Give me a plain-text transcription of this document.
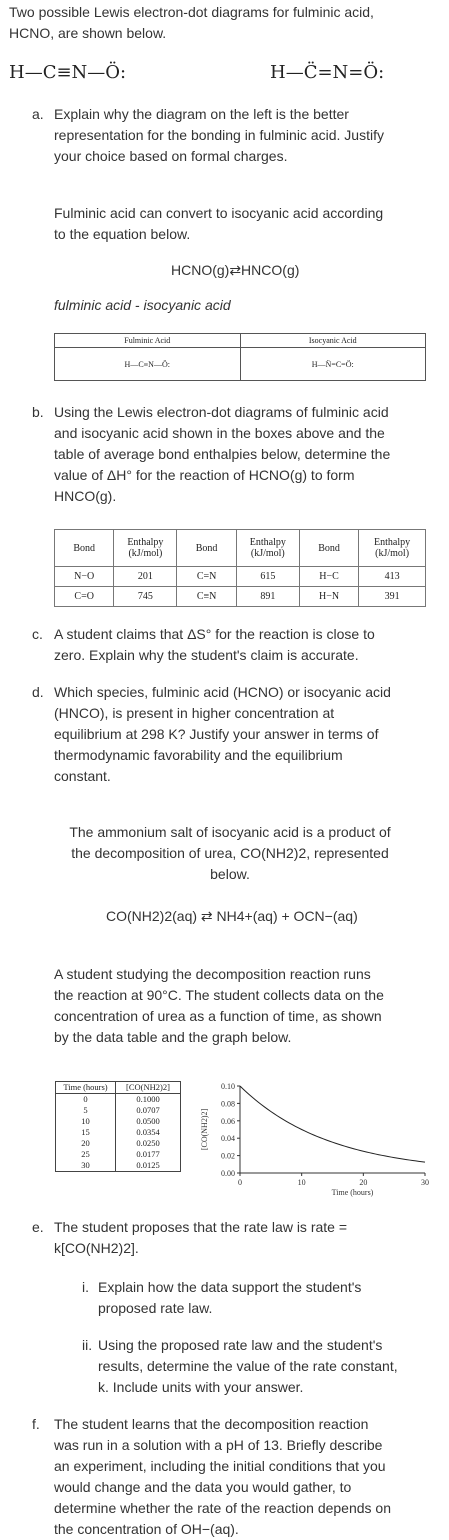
Two possible Lewis electron-dot diagrams for fulminic acid,
HCNO, are shown below.
H—C≡N—Ö:	H—C̈=N=Ö:
a. Explain why the diagram on the left is the better
representation for the bonding in fulminic acid. Justify
your choice based on formal charges.
Fulminic acid can convert to isocyanic acid according
to the equation below.
HCNO(g)⇄HNCO(g)
fulminic acid - isocyanic acid
Fulminic Acid	Isocyanic Acid
H—C≡N—Ö:	H—N̈=C=Ö:
b. Using the Lewis electron-dot diagrams of fulminic acid
and isocyanic acid shown in the boxes above and the
table of average bond enthalpies below, determine the
value of ΔH° for the reaction of HCNO(g) to form
HNCO(g).
Bond	Enthalpy (kJ/mol)	Bond	Enthalpy (kJ/mol)	Bond	Enthalpy (kJ/mol)
N−O	201	C=N	615	H−C	413
C=O	745	C≡N	891	H−N	391
c. A student claims that ΔS° for the reaction is close to
zero. Explain why the student's claim is accurate.
d. Which species, fulminic acid (HCNO) or isocyanic acid
(HNCO), is present in higher concentration at
equilibrium at 298 K? Justify your answer in terms of
thermodynamic favorability and the equilibrium
constant.
The ammonium salt of isocyanic acid is a product of
the decomposition of urea, CO(NH2)2, represented
below.
CO(NH2)2(aq) ⇄ NH4+(aq) + OCN−(aq)
A student studying the decomposition reaction runs
the reaction at 90°C. The student collects data on the
concentration of urea as a function of time, as shown
by the data table and the graph below.
Time (hours)	[CO(NH2)2]
0	0.1000
5	0.0707
10	0.0500
15	0.0354
20	0.0250
25	0.0177
30	0.0125
0.00
0.02
0.04
0.06
0.08
0.10
0	10	20	30
Time (hours)
[CO(NH2)2]
e. The student proposes that the rate law is rate =
k[CO(NH2)2].
i. Explain how the data support the student's
proposed rate law.
ii. Using the proposed rate law and the student's
results, determine the value of the rate constant,
k. Include units with your answer.
f. The student learns that the decomposition reaction
was run in a solution with a pH of 13. Briefly describe
an experiment, including the initial conditions that you
would change and the data you would gather, to
determine whether the rate of the reaction depends on
the concentration of OH−(aq).
